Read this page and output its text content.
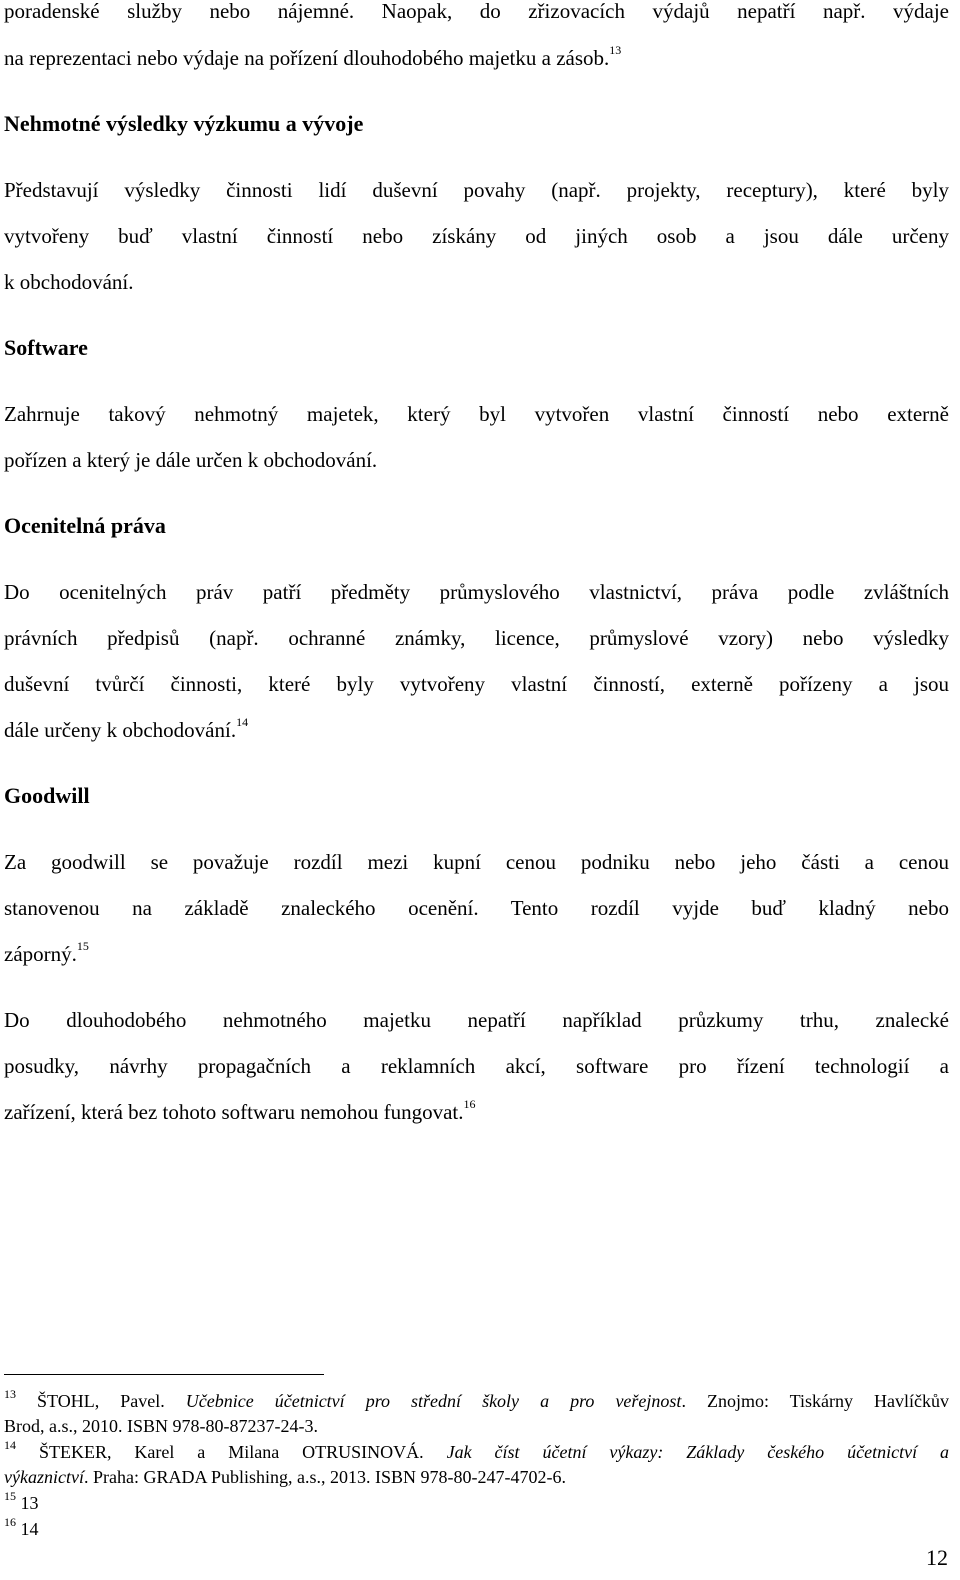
poradenské služby nebo nájemné. Naopak, do zřizovacích výdajů nepatří např. výdaje
na reprezentaci nebo výdaje na pořízení dlouhodobého majetku a zásob.$^{13}$
Nehmotné výsledky výzkumu a vývoje
Představují výsledky činnosti lidí duševní povahy (např. projekty, receptury), které byly
vytvořeny buď vlastní činností nebo získány od jiných osob a jsou dále určeny
k obchodování.
Software
Zahrnuje takový nehmotný majetek, který byl vytvořen vlastní činností nebo externě
pořízen a který je dále určen k obchodování.
Ocenitelná práva
Do ocenitelných práv patří předměty průmyslového vlastnictví, práva podle zvláštních
právních předpisů (např. ochranné známky, licence, průmyslové vzory) nebo výsledky
duševní tvůrčí činnosti, které byly vytvořeny vlastní činností, externě pořízeny a jsou
dále určeny k obchodování.$^{14}$
Goodwill
Za goodwill se považuje rozdíl mezi kupní cenou podniku nebo jeho části a cenou
stanovenou na základě znaleckého ocenění. Tento rozdíl vyjde buď kladný nebo
záporný.$^{15}$
Do dlouhodobého nehmotného majetku nepatří například průzkumy trhu, znalecké
posudky, návrhy propagačních a reklamních akcí, software pro řízení technologií a
zařízení, která bez tohoto softwaru nemohou fungovat.$^{16}$
$^{13}$ ŠTOHL, Pavel. Učebnice účetnictví pro střední školy a pro veřejnost. Znojmo: Tiskárny Havlíčkův
Brod, a.s., 2010. ISBN 978-80-87237-24-3.
$^{14}$ ŠTEKER, Karel a Milana OTRUSINOVÁ. Jak číst účetní výkazy: Základy českého účetnictví a
výkaznictví. Praha: GRADA Publishing, a.s., 2013. ISBN 978-80-247-4702-6.
$^{15}$ 13
$^{16}$ 14
12
